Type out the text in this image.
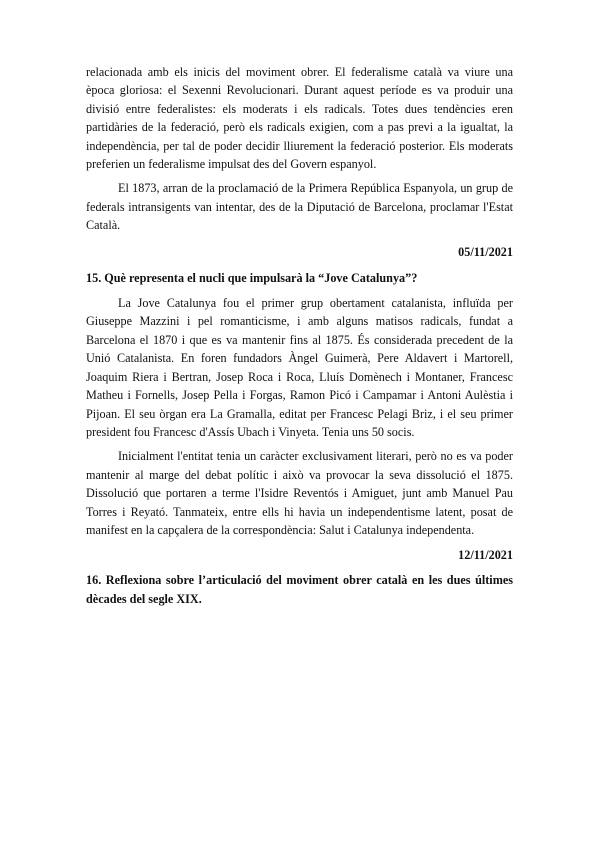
relacionada amb els inicis del moviment obrer. El federalisme català va viure una època gloriosa: el Sexenni Revolucionari. Durant aquest període es va produir una divisió entre federalistes: els moderats i els radicals. Totes dues tendències eren partidàries de la federació, però els radicals exigien, com a pas previ a la igualtat, la independència, per tal de poder decidir lliurement la federació posterior. Els moderats preferien un federalisme impulsat des del Govern espanyol.

El 1873, arran de la proclamació de la Primera República Espanyola, un grup de federals intransigents van intentar, des de la Diputació de Barcelona, proclamar l'Estat Català.

05/11/2021
15. Què representa el nucli que impulsarà la “Jove Catalunya”?

La Jove Catalunya fou el primer grup obertament catalanista, influïda per Giuseppe Mazzini i pel romanticisme, i amb alguns matisos radicals, fundat a Barcelona el 1870 i que es va mantenir fins al 1875. És considerada precedent de la Unió Catalanista. En foren fundadors Àngel Guimerà, Pere Aldavert i Martorell, Joaquim Riera i Bertran, Josep Roca i Roca, Lluís Domènech i Montaner, Francesc Matheu i Fornells, Josep Pella i Forgas, Ramon Picó i Campamar i Antoni Aulèstia i Pijoan. El seu òrgan era La Gramalla, editat per Francesc Pelagi Briz, i el seu primer president fou Francesc d'Assís Ubach i Vinyeta. Tenia uns 50 socis.

Inicialment l'entitat tenia un caràcter exclusivament literari, però no es va poder mantenir al marge del debat polític i això va provocar la seva dissolució el 1875. Dissolució que portaren a terme l'Isidre Reventós i Amiguet, junt amb Manuel Pau Torres i Reyató. Tanmateix, entre ells hi havia un independentisme latent, posat de manifest en la capçalera de la correspondència: Salut i Catalunya independenta.

12/11/2021
16. Reflexiona sobre l’articulació del moviment obrer català en les dues últimes dècades del segle XIX.
